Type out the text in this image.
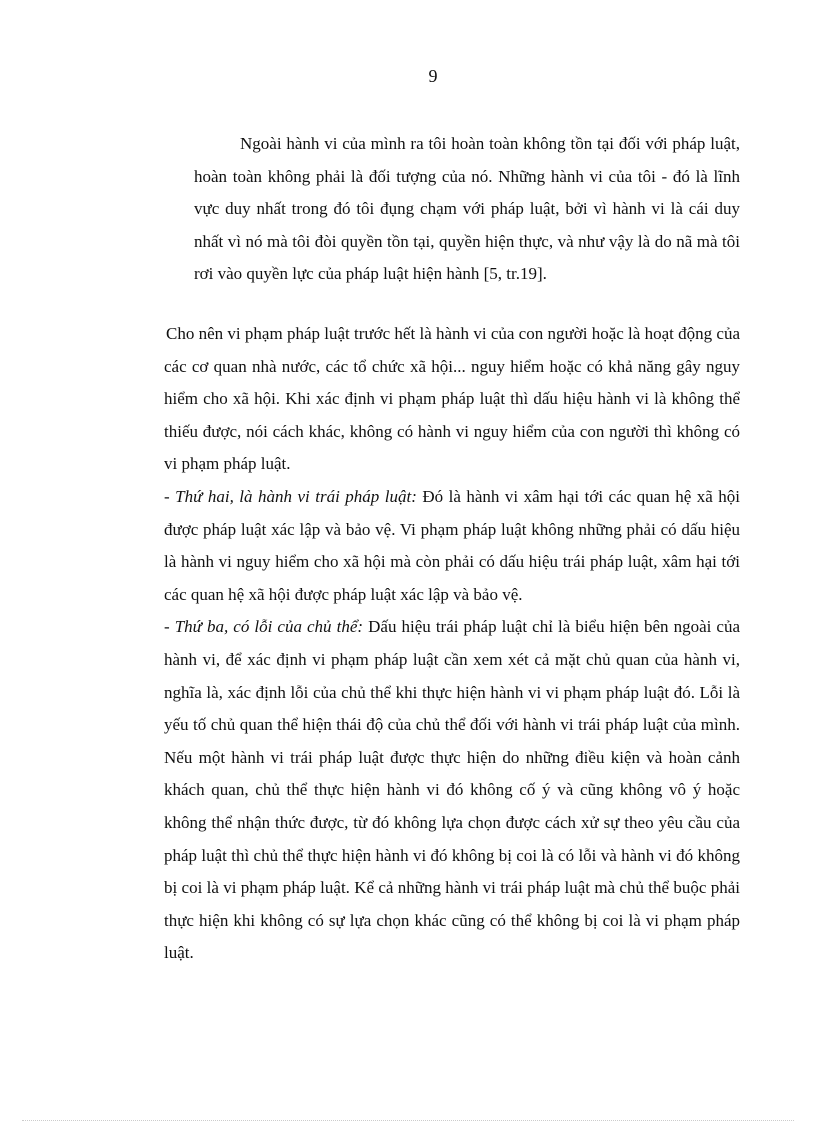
9

Ngoài hành vi của mình ra tôi hoàn toàn không tồn tại đối với pháp luật, hoàn toàn không phải là đối tượng của nó. Những hành vi của tôi - đó là lĩnh vực duy nhất trong đó tôi đụng chạm với pháp luật, bởi vì hành vi là cái duy nhất vì nó mà tôi đòi quyền tồn tại, quyền hiện thực, và như vậy là do nã mà tôi rơi vào quyền lực của pháp luật hiện hành [5, tr.19].

Cho nên vi phạm pháp luật trước hết là hành vi của con người hoặc là hoạt động của các cơ quan nhà nước, các tổ chức xã hội... nguy hiểm hoặc có khả năng gây nguy hiểm cho xã hội. Khi xác định vi phạm pháp luật thì dấu hiệu hành vi là không thể thiếu được, nói cách khác, không có hành vi nguy hiểm của con người thì không có vi phạm pháp luật.

- Thứ hai, là hành vi trái pháp luật: Đó là hành vi xâm hại tới các quan hệ xã hội được pháp luật xác lập và bảo vệ. Vi phạm pháp luật không những phải có dấu hiệu là hành vi nguy hiểm cho xã hội mà còn phải có dấu hiệu trái pháp luật, xâm hại tới các quan hệ xã hội được pháp luật xác lập và bảo vệ.

- Thứ ba, có lỗi của chủ thể: Dấu hiệu trái pháp luật chỉ là biểu hiện bên ngoài của hành vi, để xác định vi phạm pháp luật cần xem xét cả mặt chủ quan của hành vi, nghĩa là, xác định lỗi của chủ thể khi thực hiện hành vi vi phạm pháp luật đó. Lỗi là yếu tố chủ quan thể hiện thái độ của chủ thể đối với hành vi trái pháp luật của mình. Nếu một hành vi trái pháp luật được thực hiện do những điều kiện và hoàn cảnh khách quan, chủ thể thực hiện hành vi đó không cố ý và cũng không vô ý hoặc không thể nhận thức được, từ đó không lựa chọn được cách xử sự theo yêu cầu của pháp luật thì chủ thể thực hiện hành vi đó không bị coi là có lỗi và hành vi đó không bị coi là vi phạm pháp luật. Kể cả những hành vi trái pháp luật mà chủ thể buộc phải thực hiện khi không có sự lựa chọn khác cũng có thể không bị coi là vi phạm pháp luật.
